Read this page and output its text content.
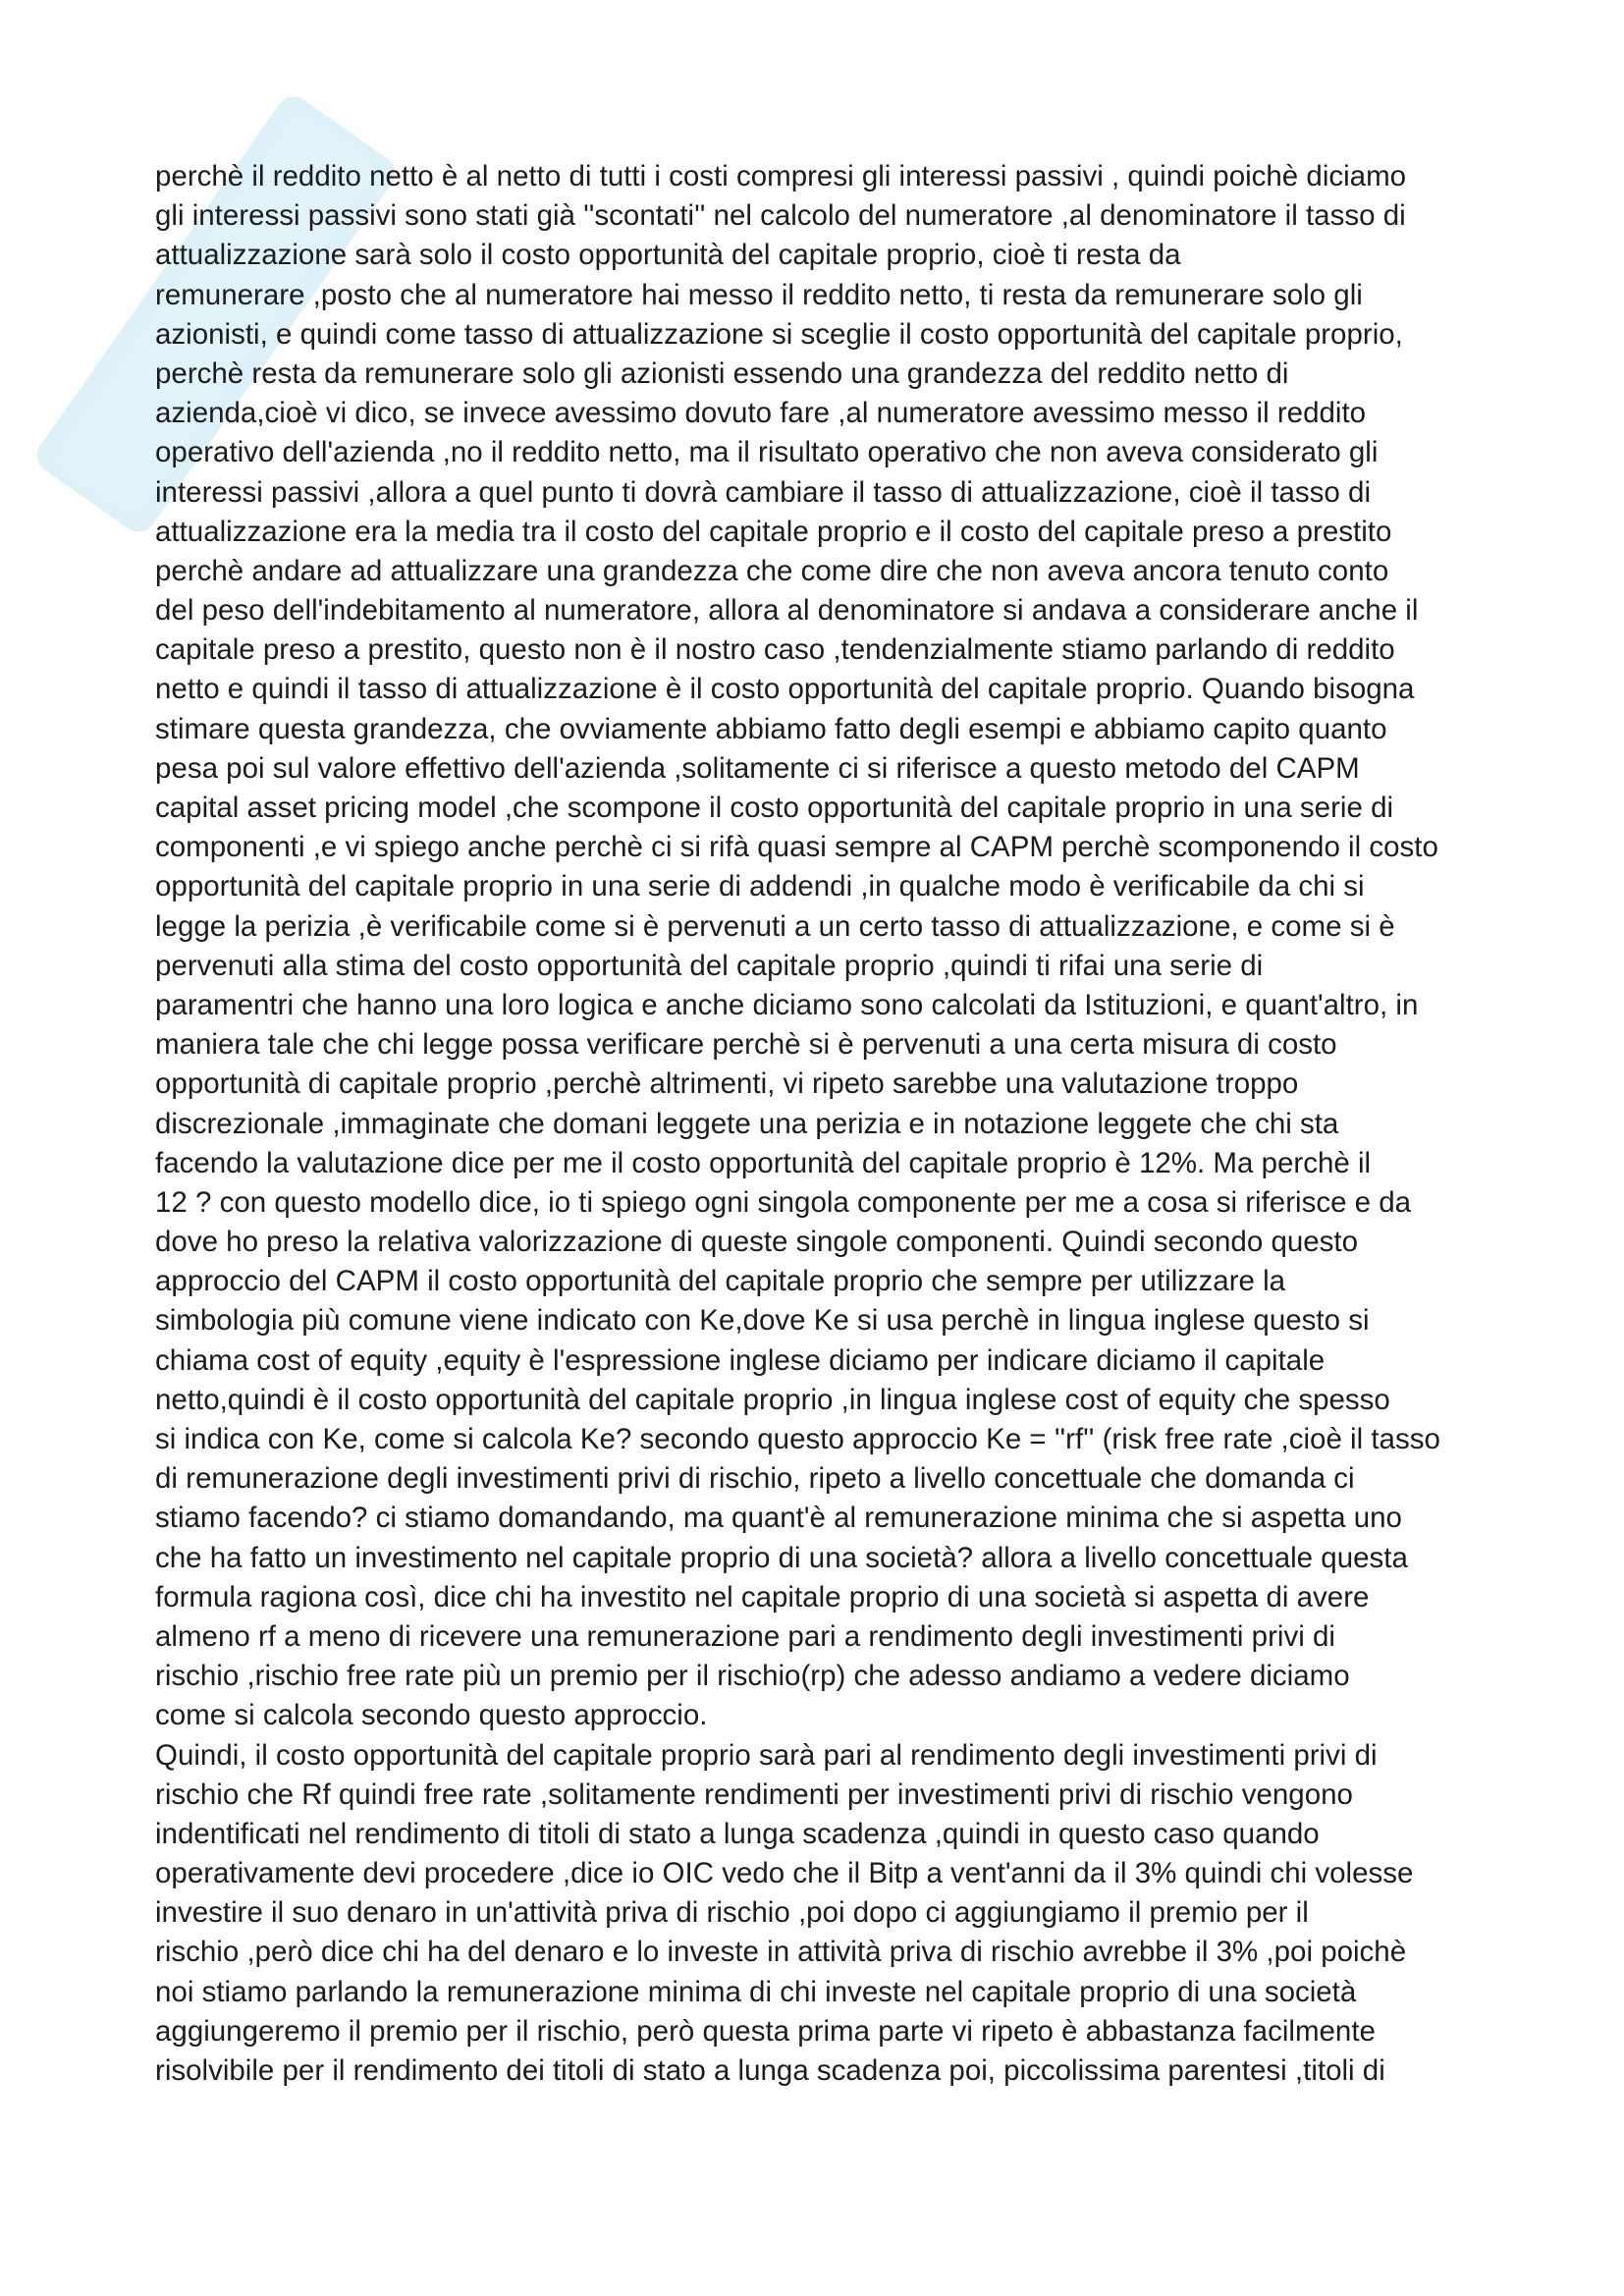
perchè il reddito netto è al netto di tutti i costi compresi gli interessi passivi , quindi poichè diciamo
gli interessi passivi sono stati già ''scontati'' nel calcolo del numeratore ,al denominatore il tasso di
attualizzazione sarà solo il costo opportunità del capitale proprio, cioè ti resta da
remunerare ,posto che al numeratore hai messo il reddito netto, ti resta da remunerare solo gli
azionisti, e quindi come tasso di attualizzazione si sceglie il costo opportunità del capitale proprio,
perchè resta da remunerare solo gli azionisti essendo una grandezza del reddito netto di
azienda,cioè vi dico, se invece avessimo dovuto fare ,al numeratore avessimo messo il reddito
operativo dell'azienda ,no il reddito netto, ma il risultato operativo che non aveva considerato gli
interessi passivi ,allora a quel punto ti dovrà cambiare il tasso di attualizzazione, cioè il tasso di
attualizzazione era la media tra il costo del capitale proprio e il costo del capitale preso a prestito
perchè andare ad attualizzare una grandezza che come dire che non aveva ancora tenuto conto
del peso dell'indebitamento al numeratore, allora al denominatore si andava a considerare anche il
capitale preso a prestito, questo non è il nostro caso ,tendenzialmente stiamo parlando di reddito
netto e quindi il tasso di attualizzazione è il costo opportunità del capitale proprio. Quando bisogna
stimare questa grandezza, che ovviamente abbiamo fatto degli esempi e abbiamo capito quanto
pesa poi sul valore effettivo dell'azienda ,solitamente ci si riferisce a questo metodo del CAPM
capital asset pricing model ,che scompone il costo opportunità del capitale proprio in una serie di
componenti ,e vi spiego anche perchè ci si rifà quasi sempre al CAPM perchè scomponendo il costo
opportunità del capitale proprio in una serie di addendi ,in qualche modo è verificabile da chi si
legge la perizia ,è verificabile come si è pervenuti a un certo tasso di attualizzazione, e come si è
pervenuti alla stima del costo opportunità del capitale proprio ,quindi ti rifai una serie di
paramentri che hanno una loro logica e anche diciamo sono calcolati da Istituzioni, e quant'altro, in
maniera tale che chi legge possa verificare perchè si è pervenuti a una certa misura di costo
opportunità di capitale proprio ,perchè altrimenti, vi ripeto sarebbe una valutazione troppo
discrezionale ,immaginate che domani leggete una perizia e in notazione leggete che chi sta
facendo la valutazione dice per me il costo opportunità del capitale proprio è 12%. Ma perchè il
12 ? con questo modello dice, io ti spiego ogni singola componente per me a cosa si riferisce e da
dove ho preso la relativa valorizzazione di queste singole componenti. Quindi secondo questo
approccio del CAPM il costo opportunità del capitale proprio che sempre per utilizzare la
simbologia più comune viene indicato con Ke,dove Ke si usa perchè in lingua inglese questo si
chiama cost of equity ,equity è l'espressione inglese diciamo per indicare diciamo il capitale
netto,quindi è il costo opportunità del capitale proprio ,in lingua inglese cost of equity che spesso
si indica con Ke, come si calcola Ke? secondo questo approccio Ke = ''rf'' (risk free rate ,cioè il tasso
di remunerazione degli investimenti privi di rischio, ripeto a livello concettuale che domanda ci
stiamo facendo? ci stiamo domandando, ma quant'è al remunerazione minima che si aspetta uno
che ha fatto un investimento nel capitale proprio di una società? allora a livello concettuale questa
formula ragiona così, dice chi ha investito nel capitale proprio di una società si aspetta di avere
almeno rf a meno di ricevere una remunerazione pari a rendimento degli investimenti privi di
rischio ,rischio free rate più un premio per il rischio(rp) che adesso andiamo a vedere diciamo
come si calcola secondo questo approccio.
Quindi, il costo opportunità del capitale proprio sarà pari al rendimento degli investimenti privi di
rischio che Rf quindi free rate ,solitamente rendimenti per investimenti privi di rischio vengono
indentificati nel rendimento di titoli di stato a lunga scadenza ,quindi in questo caso quando
operativamente devi procedere ,dice io OIC vedo che il Bitp a vent'anni da il 3% quindi chi volesse
investire il suo denaro in un'attività priva di rischio ,poi dopo ci aggiungiamo il premio per il
rischio ,però dice chi ha del denaro e lo investe in attività priva di rischio avrebbe il 3% ,poi poichè
noi stiamo parlando la remunerazione minima di chi investe nel capitale proprio di una società
aggiungeremo il premio per il rischio, però questa prima parte vi ripeto è abbastanza facilmente
risolvibile per il rendimento dei titoli di stato a lunga scadenza poi, piccolissima parentesi ,titoli di
